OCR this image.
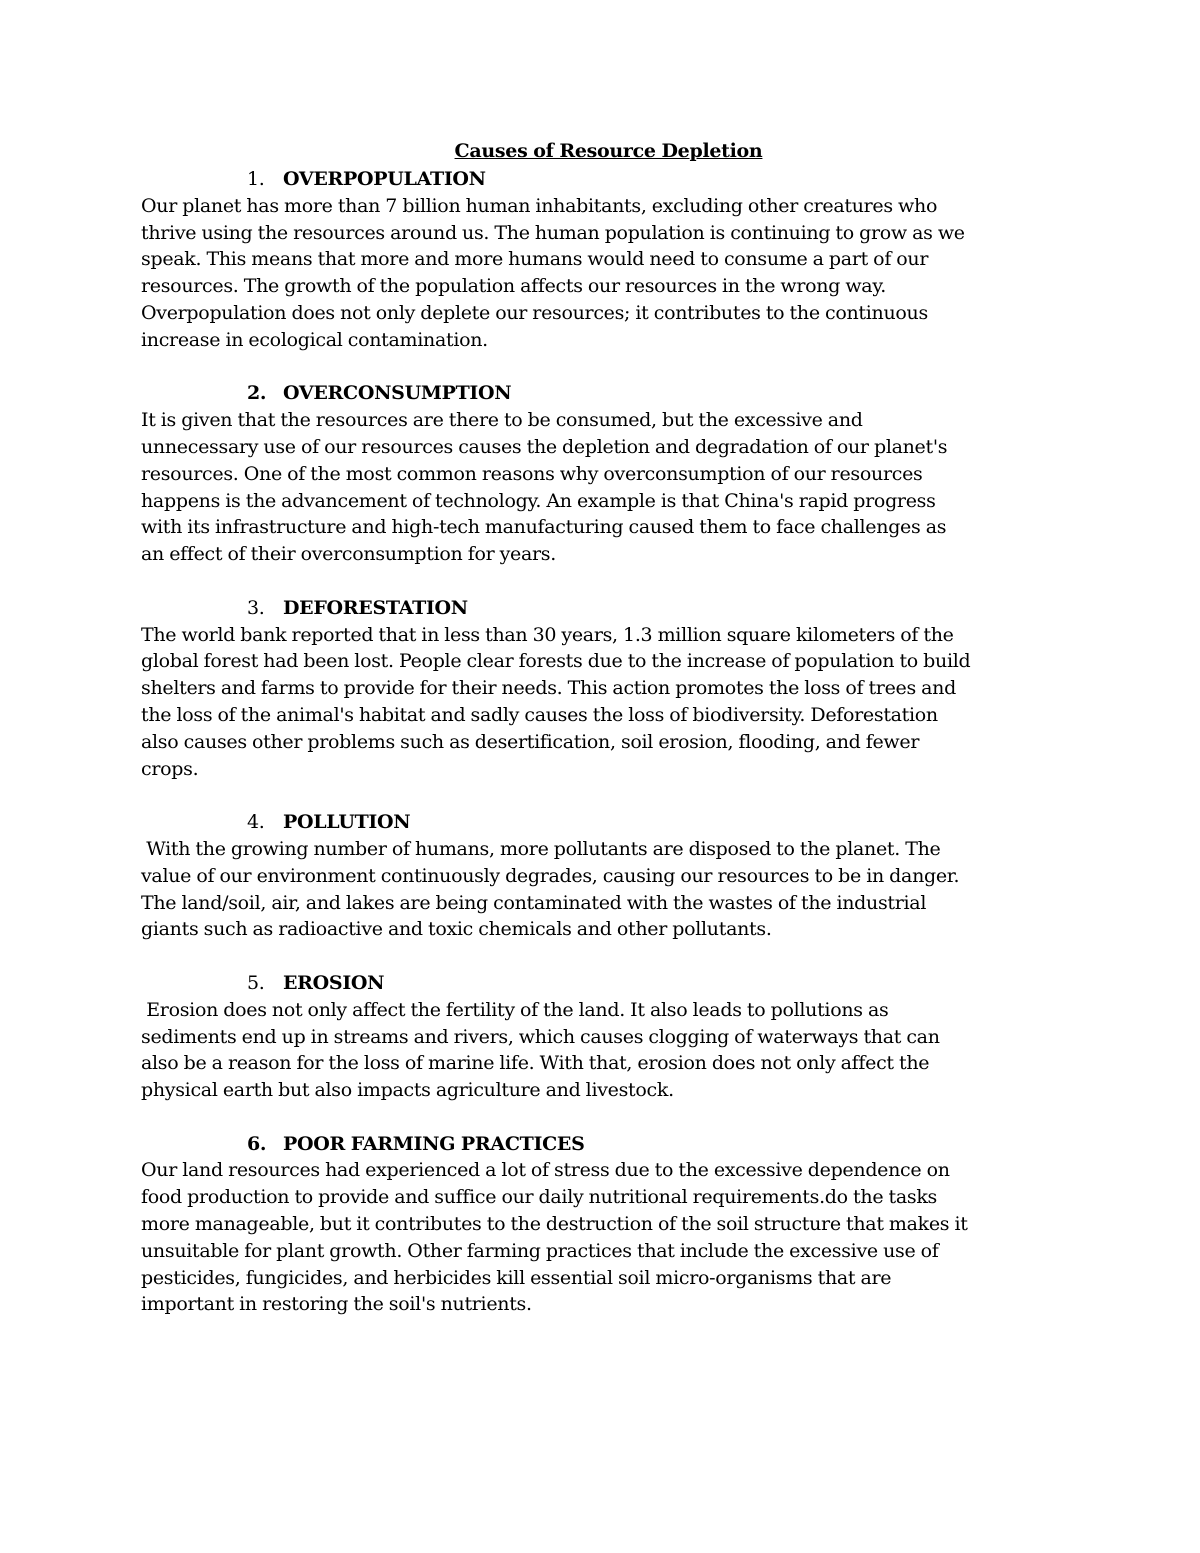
Causes of Resource Depletion
1. OVERPOPULATION
Our planet has more than 7 billion human inhabitants, excluding other creatures who
thrive using the resources around us. The human population is continuing to grow as we
speak. This means that more and more humans would need to consume a part of our
resources. The growth of the population affects our resources in the wrong way.
Overpopulation does not only deplete our resources; it contributes to the continuous
increase in ecological contamination.
2. OVERCONSUMPTION
It is given that the resources are there to be consumed, but the excessive and
unnecessary use of our resources causes the depletion and degradation of our planet's
resources. One of the most common reasons why overconsumption of our resources
happens is the advancement of technology. An example is that China's rapid progress
with its infrastructure and high-tech manufacturing caused them to face challenges as
an effect of their overconsumption for years.
3. DEFORESTATION
The world bank reported that in less than 30 years, 1.3 million square kilometers of the
global forest had been lost. People clear forests due to the increase of population to build
shelters and farms to provide for their needs. This action promotes the loss of trees and
the loss of the animal's habitat and sadly causes the loss of biodiversity. Deforestation
also causes other problems such as desertification, soil erosion, flooding, and fewer
crops.
4. POLLUTION
With the growing number of humans, more pollutants are disposed to the planet. The
value of our environment continuously degrades, causing our resources to be in danger.
The land/soil, air, and lakes are being contaminated with the wastes of the industrial
giants such as radioactive and toxic chemicals and other pollutants.
5. EROSION
Erosion does not only affect the fertility of the land. It also leads to pollutions as
sediments end up in streams and rivers, which causes clogging of waterways that can
also be a reason for the loss of marine life. With that, erosion does not only affect the
physical earth but also impacts agriculture and livestock.
6. POOR FARMING PRACTICES
Our land resources had experienced a lot of stress due to the excessive dependence on
food production to provide and suffice our daily nutritional requirements.do the tasks
more manageable, but it contributes to the destruction of the soil structure that makes it
unsuitable for plant growth. Other farming practices that include the excessive use of
pesticides, fungicides, and herbicides kill essential soil micro-organisms that are
important in restoring the soil's nutrients.
